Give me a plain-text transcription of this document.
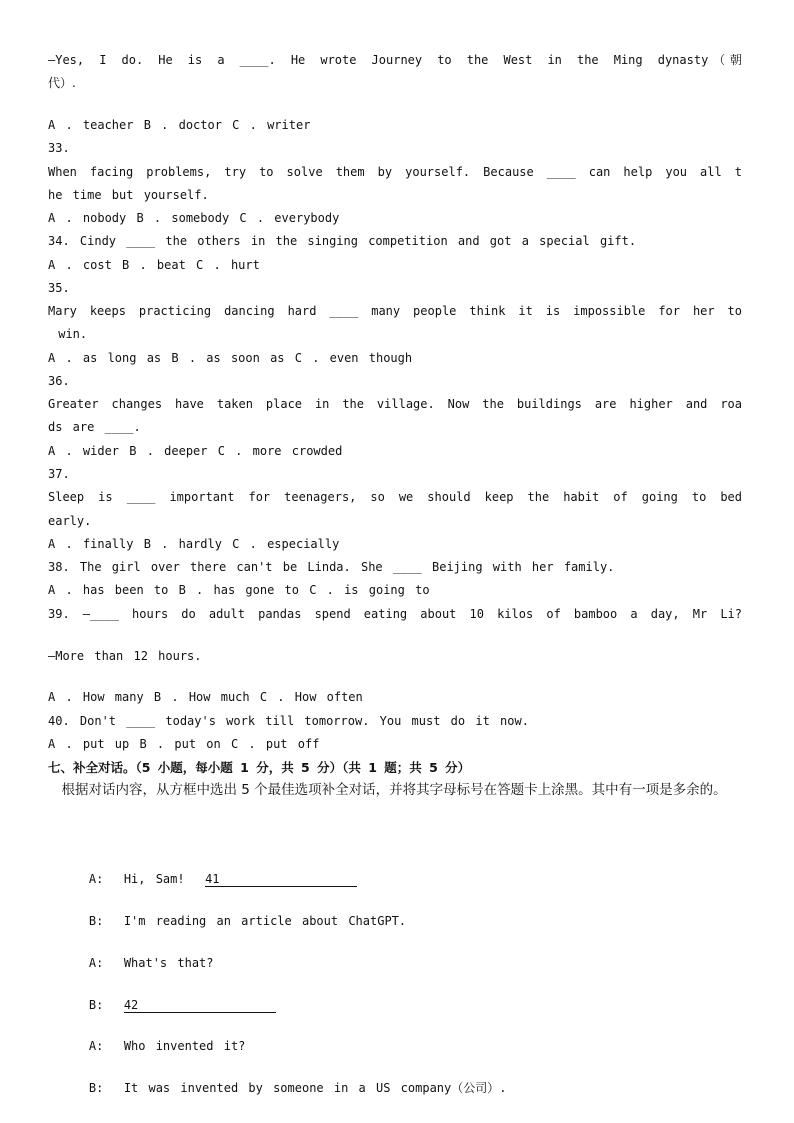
—Yes, I do. He is a ____. He wrote Journey to the West in the Ming dynasty（朝
代）.
A . teacher B . doctor C . writer
33.
When facing problems, try to solve them by yourself. Because ____ can help you all t
he time but yourself.
A . nobody B . somebody C . everybody
34. Cindy ____ the others in the singing competition and got a special gift.
A . cost B . beat C . hurt
35.
Mary keeps practicing dancing hard ____ many people think it is impossible for her to
win.
A . as long as B . as soon as C . even though
36.
Greater changes have taken place in the village. Now the buildings are higher and roa
ds are ____.
A . wider B . deeper C . more crowded
37.
Sleep is ____ important for teenagers, so we should keep the habit of going to bed
early.
A . finally B . hardly C . especially
38. The girl over there can't be Linda. She ____ Beijing with her family.
A . has been to B . has gone to C . is going to
39. —____ hours do adult pandas spend eating about 10 kilos of bamboo a day, Mr Li?
—More than 12 hours.
A . How many B . How much C . How often
40. Don't ____ today's work till tomorrow. You must do it now.
A . put up B . put on C . put off
七、补全对话。（5 小题，每小题 1 分，共 5 分）（共 1 题；共 5 分）
　根据对话内容，从方框中选出 5 个最佳选项补全对话，并将其字母标号在答题卡上涂黑。其中有一项是多余的。

A: Hi, Sam! 41

B: I'm reading an article about ChatGPT.

A: What's that?

B: 42

A: Who invented it?

B: It was invented by someone in a US company（公司）.
